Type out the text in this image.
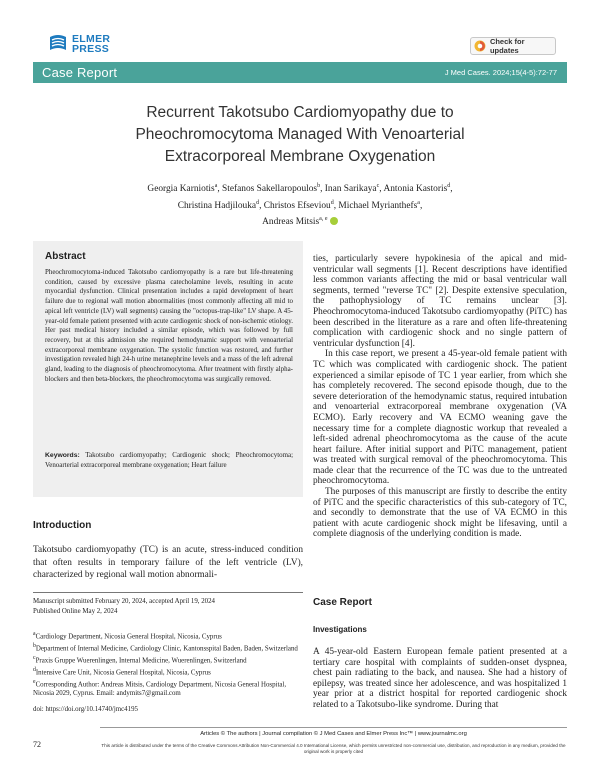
ELMER
PRESS
Check for updates
Case Report	J Med Cases. 2024;15(4-5):72-77
Recurrent Takotsubo Cardiomyopathy due to
Pheochromocytoma Managed With Venoarterial
Extracorporeal Membrane Oxygenation
Georgia Karniotis$^a$, Stefanos Sakellaropoulos$^b$, Inan Sarikaya$^c$, Antonia Kastoris$^d$,
Christina Hadjilouka$^d$, Christos Efseviou$^d$, Michael Myrianthefs$^a$,
Andreas Mitsis$^{a, e}$
Abstract
Pheochromocytoma-induced Takotsubo cardiomyopathy is a rare but life-threatening condition, caused by excessive plasma catecholamine levels, resulting in acute myocardial dysfunction. Clinical presentation includes a rapid development of heart failure due to regional wall motion abnormalities (most commonly affecting all mid to apical left ventricle (LV) wall segments) causing the "octopus-trap-like" LV shape. A 45-year-old female patient presented with acute cardiogenic shock of non-ischemic etiology. Her past medical history included a similar episode, which was followed by full recovery, but at this admission she required hemodynamic support with venoarterial extracorporeal membrane oxygenation. The systolic function was restored, and further investigation revealed high 24-h urine metanephrine levels and a mass of the left adrenal gland, leading to the diagnosis of pheochromocytoma. After treatment with firstly alpha-blockers and then beta-blockers, the pheochromocytoma was surgically removed.
Keywords: Takotsubo cardiomyopathy; Cardiogenic shock; Pheochromocytoma; Venoarterial extracorporeal membrane oxygenation; Heart failure
Introduction
Takotsubo cardiomyopathy (TC) is an acute, stress-induced condition that often results in temporary failure of the left ventricle (LV), characterized by regional wall motion abnormali-
Manuscript submitted February 20, 2024, accepted April 19, 2024
Published Online May 2, 2024
$^a$Cardiology Department, Nicosia General Hospital, Nicosia, Cyprus
$^b$Department of Internal Medicine, Cardiology Clinic, Kantonsspital Baden, Baden, Switzerland
$^c$Praxis Gruppe Wuerenlingen, Internal Medicine, Wuerenlingen, Switzerland
$^d$Intensive Care Unit, Nicosia General Hospital, Nicosia, Cyprus
$^e$Corresponding Author: Andreas Mitsis, Cardiology Department, Nicosia General Hospital, Nicosia 2029, Cyprus. Email: andymits7@gmail.com
doi: https://doi.org/10.14740/jmc4195

ties, particularly severe hypokinesia of the apical and mid-ventricular wall segments [1]. Recent descriptions have identified less common variants affecting the mid or basal ventricular wall segments, termed "reverse TC" [2]. Despite extensive speculation, the pathophysiology of TC remains unclear [3]. Pheochromocytoma-induced Takotsubo cardiomyopathy (PiTC) has been described in the literature as a rare and often life-threatening complication with cardiogenic shock and no single pattern of ventricular dysfunction [4].

In this case report, we present a 45-year-old female patient with TC which was complicated with cardiogenic shock. The patient experienced a similar episode of TC 1 year earlier, from which she has completely recovered. The second episode though, due to the severe deterioration of the hemodynamic status, required intubation and venoarterial extracorporeal membrane oxygenation (VA ECMO). Early recovery and VA ECMO weaning gave the necessary time for a complete diagnostic workup that revealed a left-sided adrenal pheochromocytoma as the cause of the acute heart failure. After initial support and PiTC management, patient was treated with surgical removal of the pheochromocytoma. This made clear that the recurrence of the TC was due to the untreated pheochromocytoma.

The purposes of this manuscript are firstly to describe the entity of PiTC and the specific characteristics of this sub-category of TC, and secondly to demonstrate that the use of VA ECMO in this patient with acute cardiogenic shock might be lifesaving, until a complete diagnosis of the underlying condition is made.

Case Report
Investigations
A 45-year-old Eastern European female patient presented at a tertiary care hospital with complaints of sudden-onset dyspnea, chest pain radiating to the back, and nausea. She had a history of epilepsy, was treated since her adolescence, and was hospitalized 1 year prior at a district hospital for reported cardiogenic shock related to a Takotsubo-like syndrome. During that
72
Articles © The authors | Journal compilation © J Med Cases and Elmer Press Inc™ | www.journalmc.org
This article is distributed under the terms of the Creative Commons Attribution Non-Commercial 4.0 International License, which permits unrestricted non-commercial use, distribution, and reproduction in any medium, provided the original work is properly cited
